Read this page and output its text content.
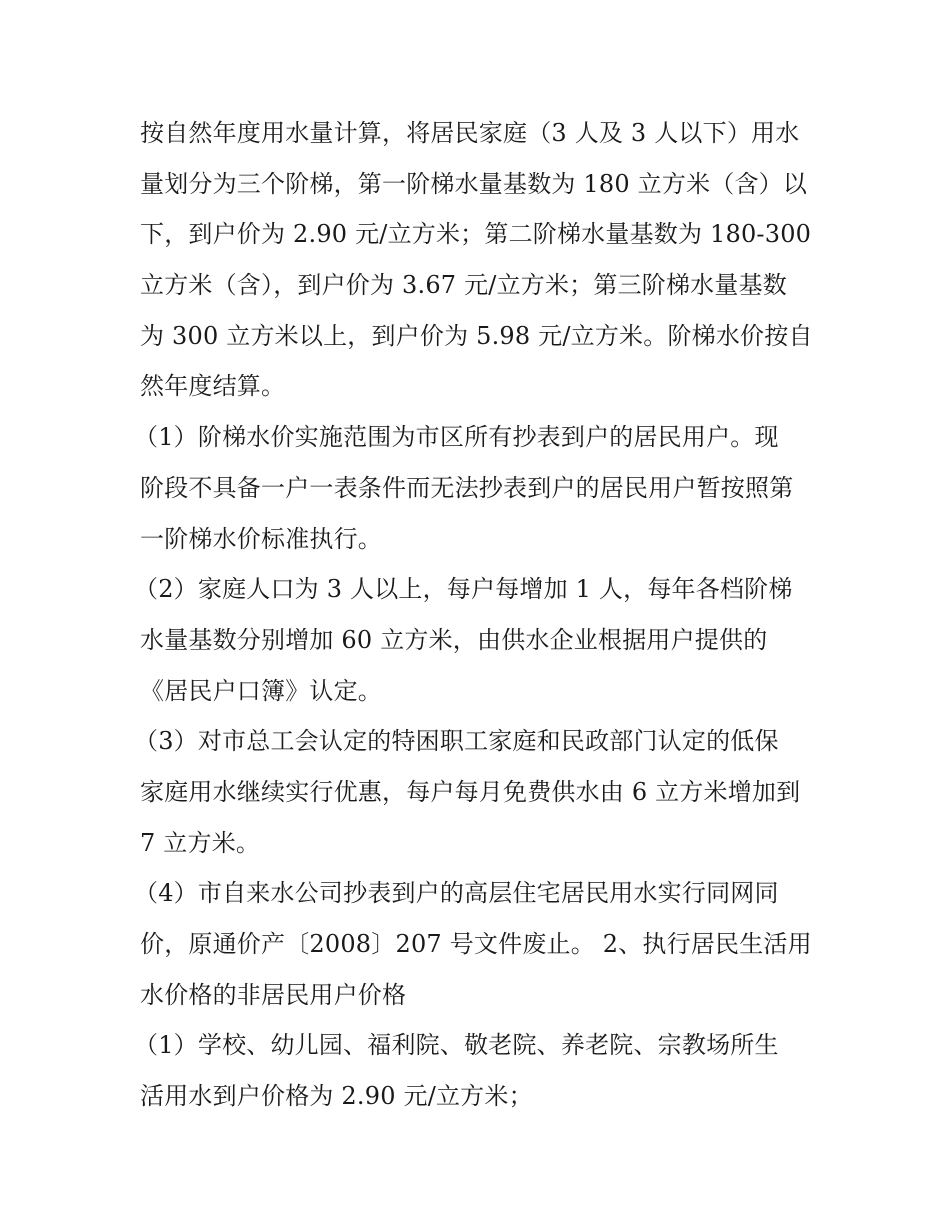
按自然年度用水量计算，将居民家庭（3 人及 3 人以下）用水
量划分为三个阶梯，第一阶梯水量基数为 180 立方米（含）以
下，到户价为 2.90 元/立方米；第二阶梯水量基数为 180-300
立方米（含），到户价为 3.67 元/立方米；第三阶梯水量基数
为 300 立方米以上，到户价为 5.98 元/立方米。阶梯水价按自
然年度结算。
（1）阶梯水价实施范围为市区所有抄表到户的居民用户。现
阶段不具备一户一表条件而无法抄表到户的居民用户暂按照第
一阶梯水价标准执行。
（2）家庭人口为 3 人以上，每户每增加 1 人，每年各档阶梯
水量基数分别增加 60 立方米，由供水企业根据用户提供的
《居民户口簿》认定。
（3）对市总工会认定的特困职工家庭和民政部门认定的低保
家庭用水继续实行优惠，每户每月免费供水由 6 立方米增加到
7 立方米。
（4）市自来水公司抄表到户的高层住宅居民用水实行同网同
价，原通价产〔2008〕207 号文件废止。 2、执行居民生活用
水价格的非居民用户价格
（1）学校、幼儿园、福利院、敬老院、养老院、宗教场所生
活用水到户价格为 2.90 元/立方米；
